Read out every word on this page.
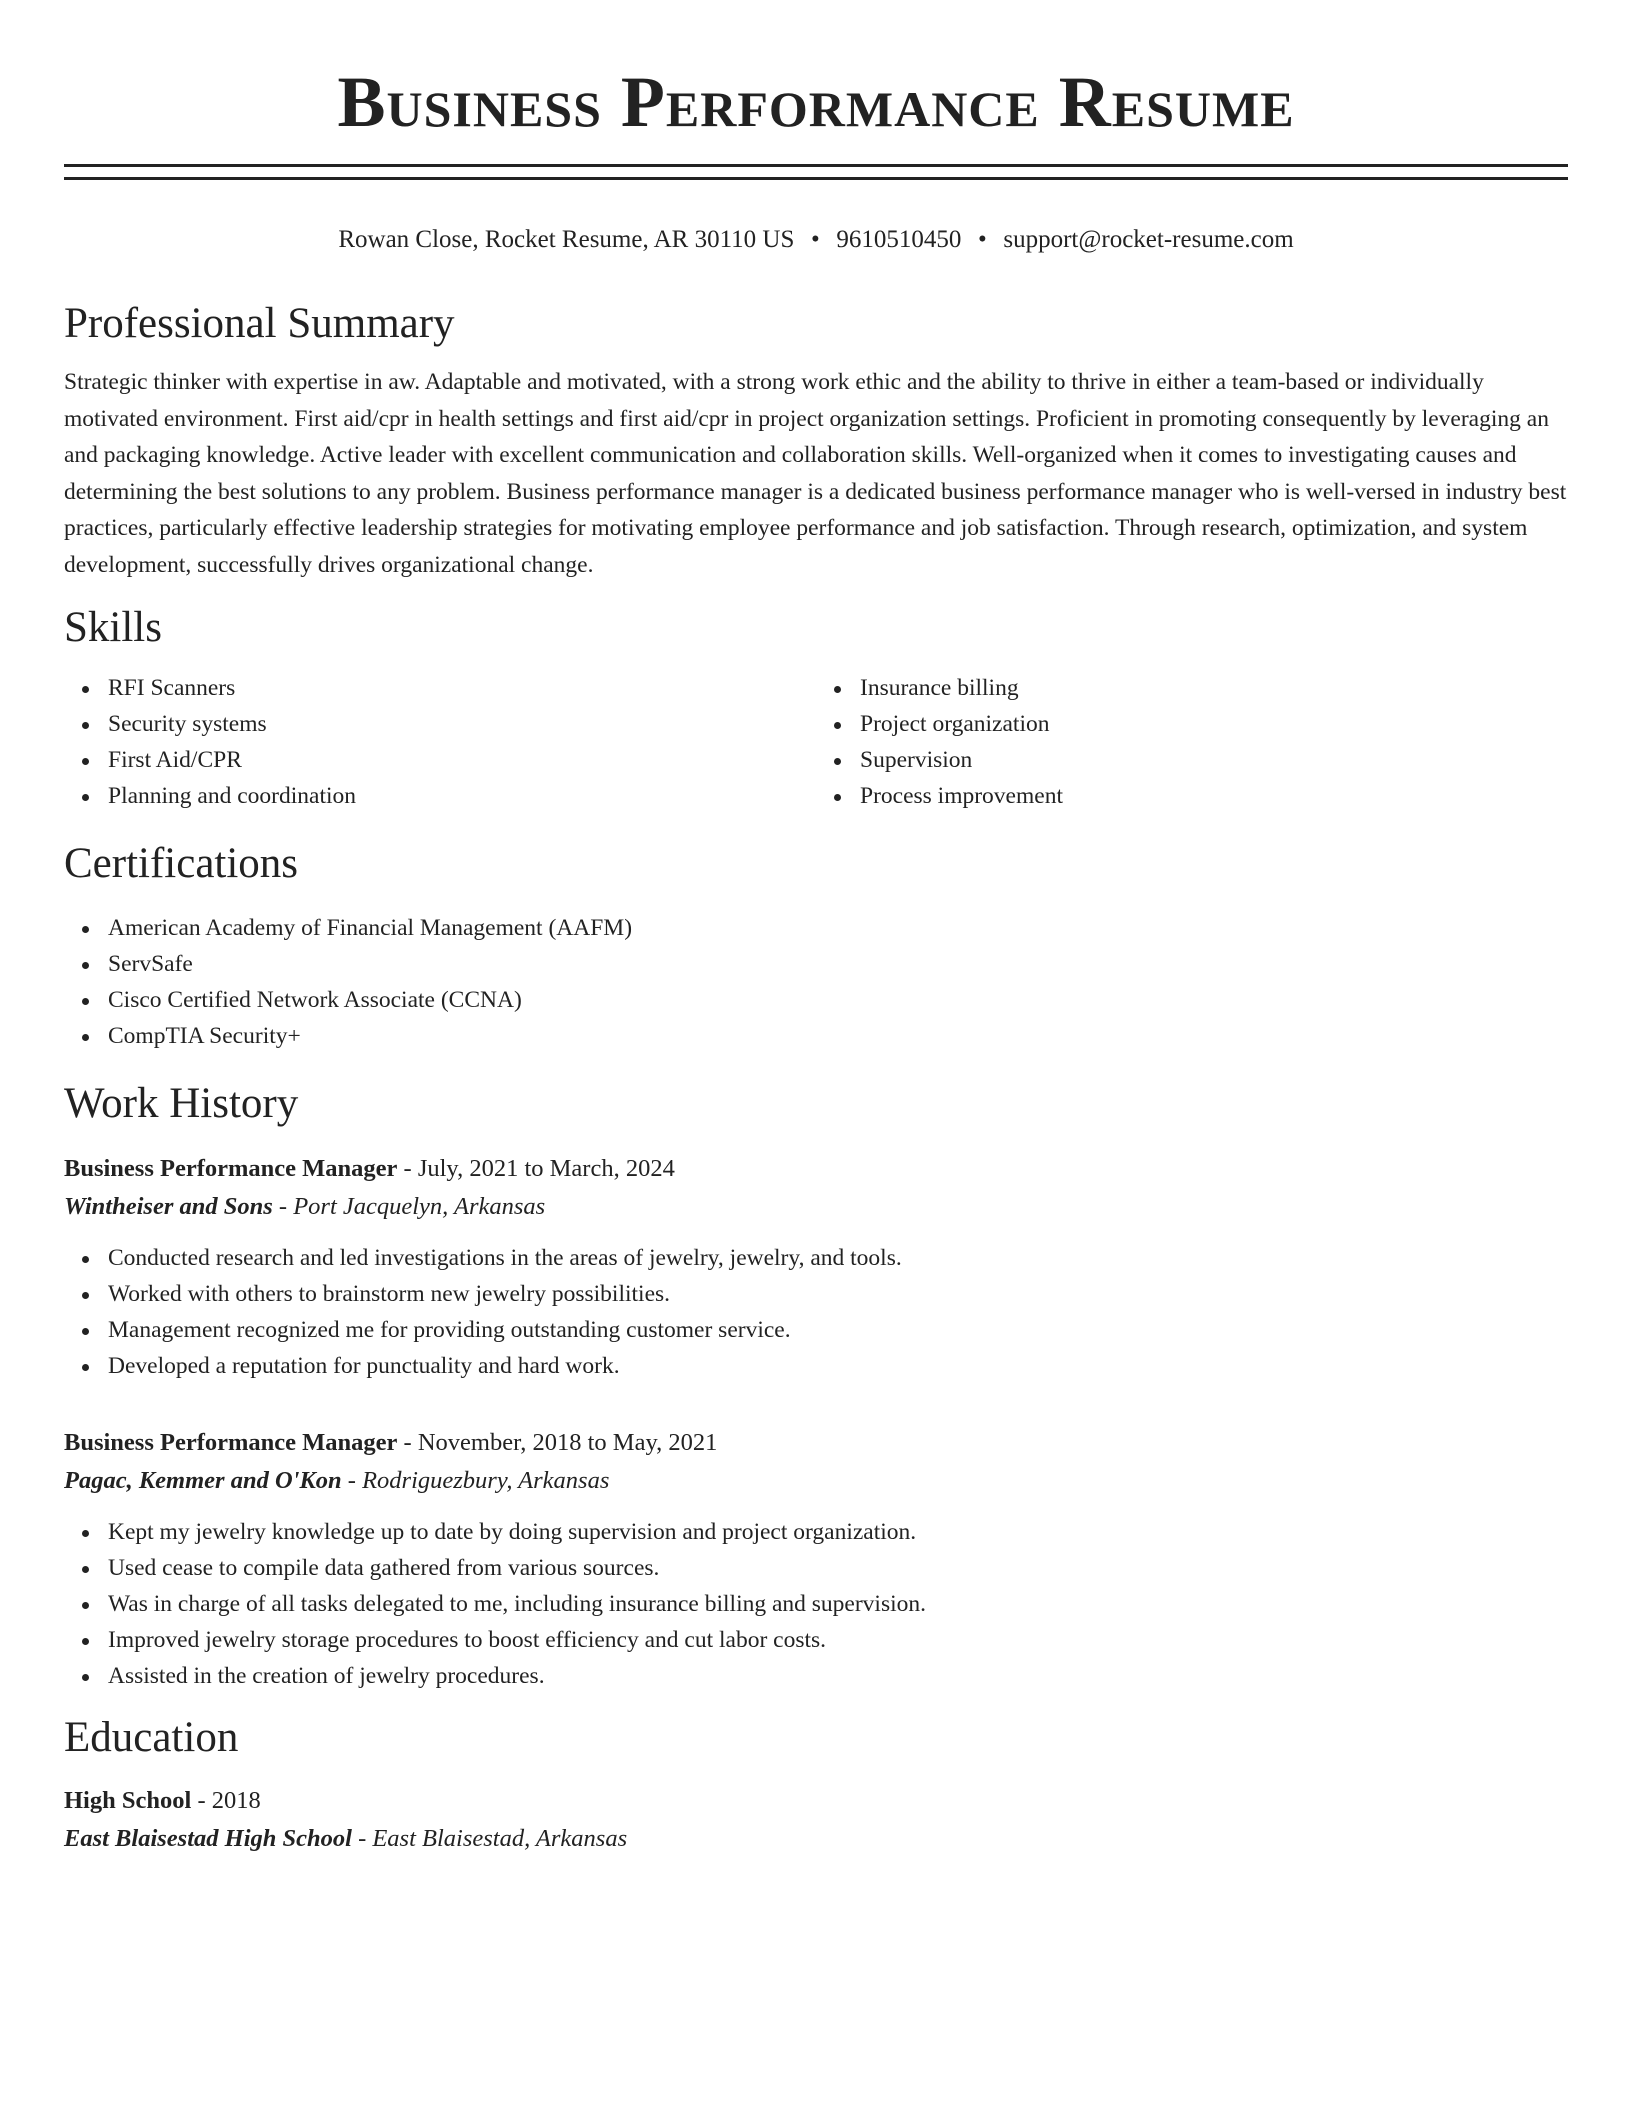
Business Performance Resume
Rowan Close, Rocket Resume, AR 30110 US • 9610510450 • support@rocket-resume.com
Professional Summary

Strategic thinker with expertise in aw. Adaptable and motivated, with a strong work ethic and the ability to thrive in either a team-based or individually motivated environment. First aid/cpr in health settings and first aid/cpr in project organization settings. Proficient in promoting consequently by leveraging an and packaging knowledge. Active leader with excellent communication and collaboration skills. Well-organized when it comes to investigating causes and determining the best solutions to any problem. Business performance manager is a dedicated business performance manager who is well-versed in industry best practices, particularly effective leadership strategies for motivating employee performance and job satisfaction. Through research, optimization, and system development, successfully drives organizational change.

Skills
RFI Scanners
Security systems
First Aid/CPR
Planning and coordination
Insurance billing
Project organization
Supervision
Process improvement
Certifications
American Academy of Financial Management (AAFM)
ServSafe
Cisco Certified Network Associate (CCNA)
CompTIA Security+
Work History
Business Performance Manager - July, 2021 to March, 2024
Wintheiser and Sons - Port Jacquelyn, Arkansas
Conducted research and led investigations in the areas of jewelry, jewelry, and tools.
Worked with others to brainstorm new jewelry possibilities.
Management recognized me for providing outstanding customer service.
Developed a reputation for punctuality and hard work.
Business Performance Manager - November, 2018 to May, 2021
Pagac, Kemmer and O'Kon - Rodriguezbury, Arkansas
Kept my jewelry knowledge up to date by doing supervision and project organization.
Used cease to compile data gathered from various sources.
Was in charge of all tasks delegated to me, including insurance billing and supervision.
Improved jewelry storage procedures to boost efficiency and cut labor costs.
Assisted in the creation of jewelry procedures.
Education
High School - 2018
East Blaisestad High School - East Blaisestad, Arkansas
